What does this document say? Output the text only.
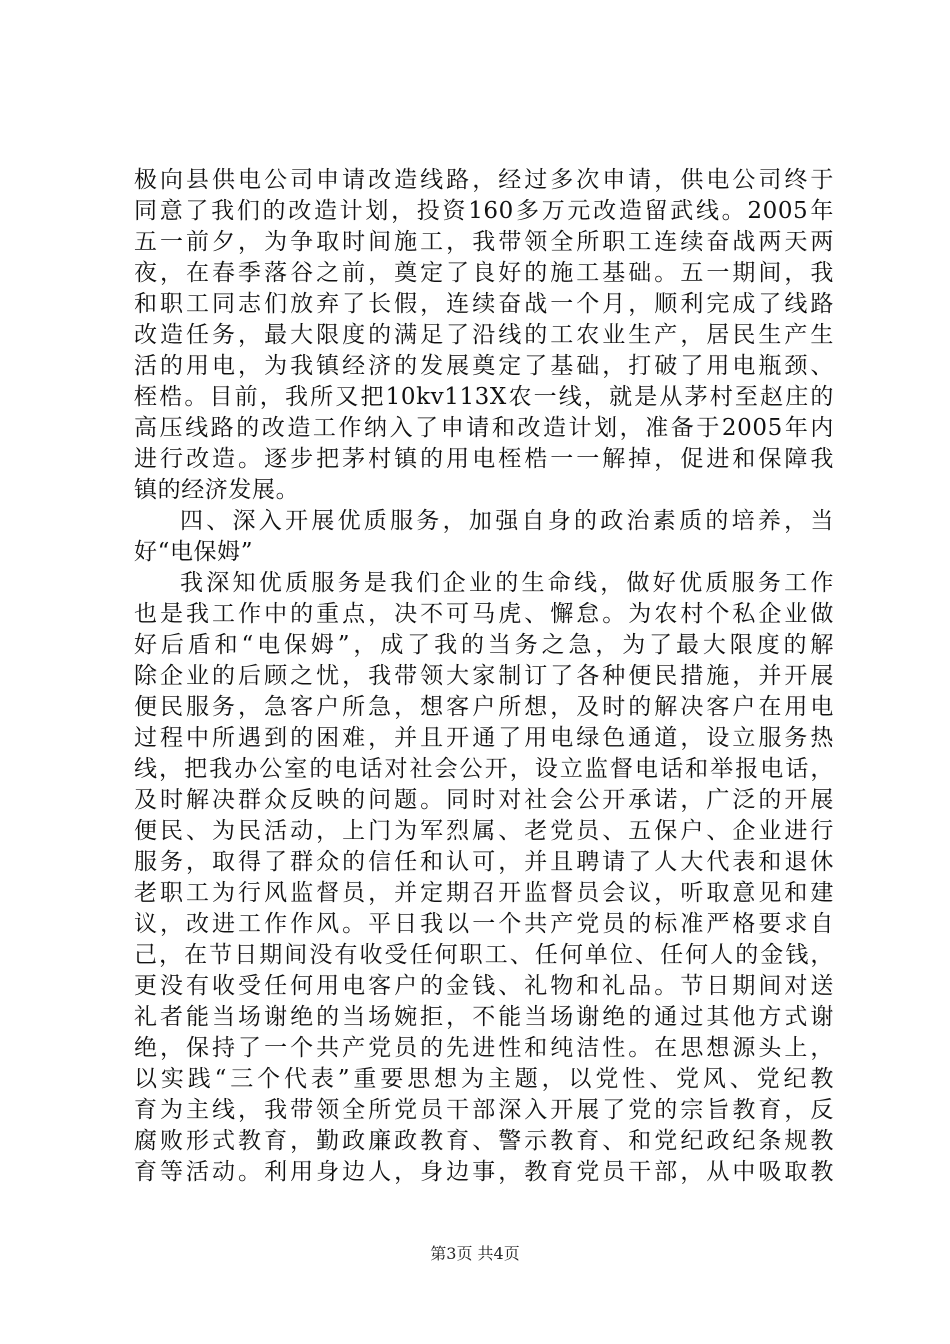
极向县供电公司申请改造线路，经过多次申请，供电公司终于
同意了我们的改造计划，投资160多万元改造留武线。2005年
五一前夕，为争取时间施工，我带领全所职工连续奋战两天两
夜，在春季落谷之前，奠定了良好的施工基础。五一期间，我
和职工同志们放弃了长假，连续奋战一个月，顺利完成了线路
改造任务，最大限度的满足了沿线的工农业生产，居民生产生
活的用电，为我镇经济的发展奠定了基础，打破了用电瓶颈、
桎梏。目前，我所又把10kv113X农一线，就是从茅村至赵庄的
高压线路的改造工作纳入了申请和改造计划，准备于2005年内
进行改造。逐步把茅村镇的用电桎梏一一解掉，促进和保障我
镇的经济发展。
四、深入开展优质服务，加强自身的政治素质的培养，当
好“电保姆”
我深知优质服务是我们企业的生命线，做好优质服务工作
也是我工作中的重点，决不可马虎、懈怠。为农村个私企业做
好后盾和“电保姆”，成了我的当务之急，为了最大限度的解
除企业的后顾之忧，我带领大家制订了各种便民措施，并开展
便民服务，急客户所急，想客户所想，及时的解决客户在用电
过程中所遇到的困难，并且开通了用电绿色通道，设立服务热
线，把我办公室的电话对社会公开，设立监督电话和举报电话，
及时解决群众反映的问题。同时对社会公开承诺，广泛的开展
便民、为民活动，上门为军烈属、老党员、五保户、企业进行
服务，取得了群众的信任和认可，并且聘请了人大代表和退休
老职工为行风监督员，并定期召开监督员会议，听取意见和建
议，改进工作作风。平日我以一个共产党员的标准严格要求自
己，在节日期间没有收受任何职工、任何单位、任何人的金钱，
更没有收受任何用电客户的金钱、礼物和礼品。节日期间对送
礼者能当场谢绝的当场婉拒，不能当场谢绝的通过其他方式谢
绝，保持了一个共产党员的先进性和纯洁性。在思想源头上，
以实践“三个代表”重要思想为主题，以党性、党风、党纪教
育为主线，我带领全所党员干部深入开展了党的宗旨教育，反
腐败形式教育，勤政廉政教育、警示教育、和党纪政纪条规教
育等活动。利用身边人，身边事，教育党员干部，从中吸取教
第3页 共4页
